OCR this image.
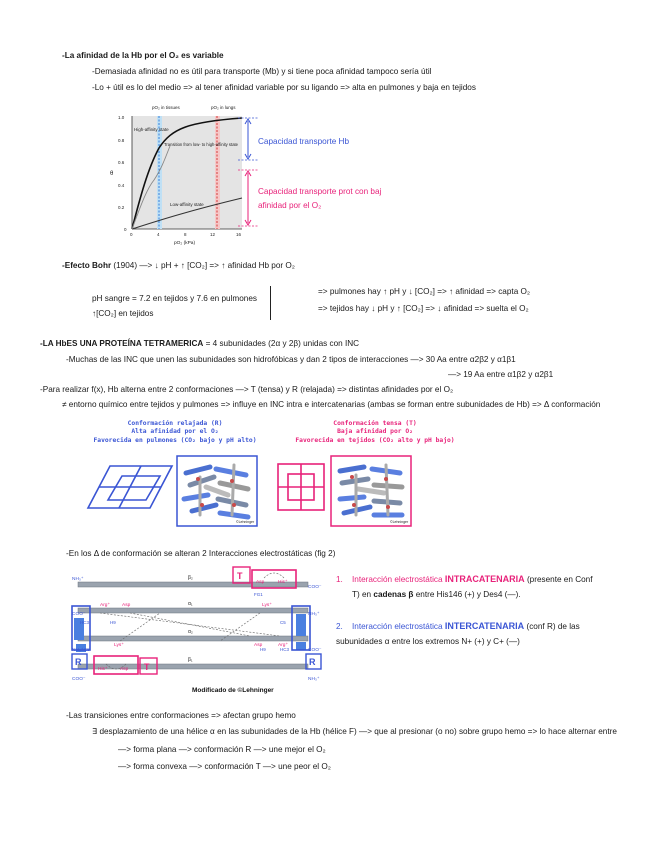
-La afinidad de la Hb por el O₂ es variable
-Demasiada afinidad no es útil para transporte (Mb) y si tiene poca afinidad tampoco sería útil
-Lo + útil es lo del medio => al tener afinidad variable por su ligando => alta en pulmones y baja en tejidos
pO₂ in tissues	pO₂ in lungs
High-affinity state
Transition from low- to high-affinity state
Low-affinity state
θ
pO₂ (kPa)
1.0
0.8
0.6
0.4
0.2
0
0	4	8	12	16
Capacidad transporte Hb
Capacidad transporte prot con baj
afinidad por el O₂
-Efecto Bohr (1904) —> ↓ pH + ↑ [CO₂] => ↑ afinidad Hb por O₂
pH sangre = 7.2 en tejidos y 7.6 en pulmones
↑[CO₂] en tejidos
=> pulmones hay ↑ pH y ↓ [CO₂] => ↑ afinidad => capta O₂
=> tejidos hay ↓ pH y ↑ [CO₂] => ↓ afinidad => suelta el O₂
-LA HbES UNA PROTEÍNA TETRAMERICA = 4 subunidades (2α y 2β) unidas con INC
-Muchas de las INC que unen las subunidades son hidrofóbicas y dan 2 tipos de interacciones —> 30 Aa entre α2β2 y α1β1
—> 19 Aa entre α1β2 y α2β1
-Para realizar f(x), Hb alterna entre 2 conformaciones —> T (tensa) y R (relajada) => distintas afinidades por el O₂
≠ entorno químico entre tejidos y pulmones => influye en INC intra e intercatenarias (ambas se forman entre subunidades de Hb) => Δ conformación
Conformación relajada (R)
Alta afinidad por el O₂
Favorecida en pulmones (CO₂ bajo y pH alto)
Conformación tensa (T)
Baja afinidad por O₂
Favorecida en tejidos (CO₂ alto y pH bajo)
©Lehninger	©Lehninger
-En los Δ de conformación se alteran 2 Interacciones electrostáticas (fig 2)
T
T
R	R
NH₃⁺
COO⁻
COO⁻	NH₃⁺
NH₃⁺	COO⁻
COO⁻	NH₃⁺
β₂
α₁
α₂
β₁
FG1
HC3	H9	C5
C5	H9	HC3
Asp	His⁺
Arg⁺	Asp	Lys⁺
Lys⁺	Asp	Arg⁺
His⁺	Asp
Modificado de ©Lehninger
1. Interacción electrostática INTRACATENARIA (presente en Conf
T) en cadenas β entre His146 (+) y Des4 (—).
2. Interacción electrostática INTERCATENARIA (conf R) de las
subunidades α entre los extremos N+ (+) y C+ (—)
-Las transiciones entre conformaciones => afectan grupo hemo
∃ desplazamiento de una hélice α en las subunidades de la Hb (hélice F) —> que al presionar (o no) sobre grupo hemo => lo hace alternar entre
—> forma plana —> conformación R —> une mejor el O₂
—> forma convexa —> conformación T —> une peor el O₂
